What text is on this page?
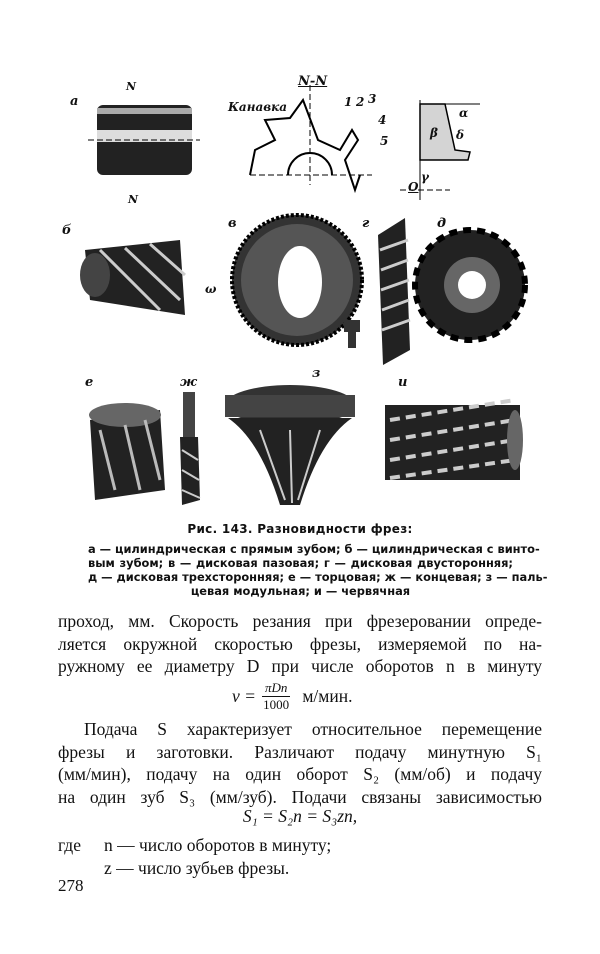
а
б	в	г	д
е	ж
з
и
N-N
Канавка	1 2 3
4
5
α
β δ
γ
ω
O
N
N
Рис. 143. Разновидности фрез:
а — цилиндрическая с прямым зубом; б — цилиндрическая с винто-
вым зубом; в — дисковая пазовая; г — дисковая двусторонняя;
д — дисковая трехсторонняя; е — торцовая; ж — концевая; з — паль-
цевая модульная; и — червячная
проход, мм. Скорость резания при фрезеровании опреде-
ляется окружной скоростью фрезы, измеряемой по на-
ружному ее диаметру D при числе оборотов n в минуту
v = πDn
1000 м/мин.
Подача S характеризует относительное перемещение
фрезы и заготовки. Различают подачу минутную S₁
(мм/мин), подачу на один оборот S₂ (мм/об) и подачу
на один зуб S₃ (мм/зуб). Подачи связаны зависимостью
S₁ = S₂n = S₃zn,
где n — число оборотов в минуту;
z — число зубьев фрезы.
278
